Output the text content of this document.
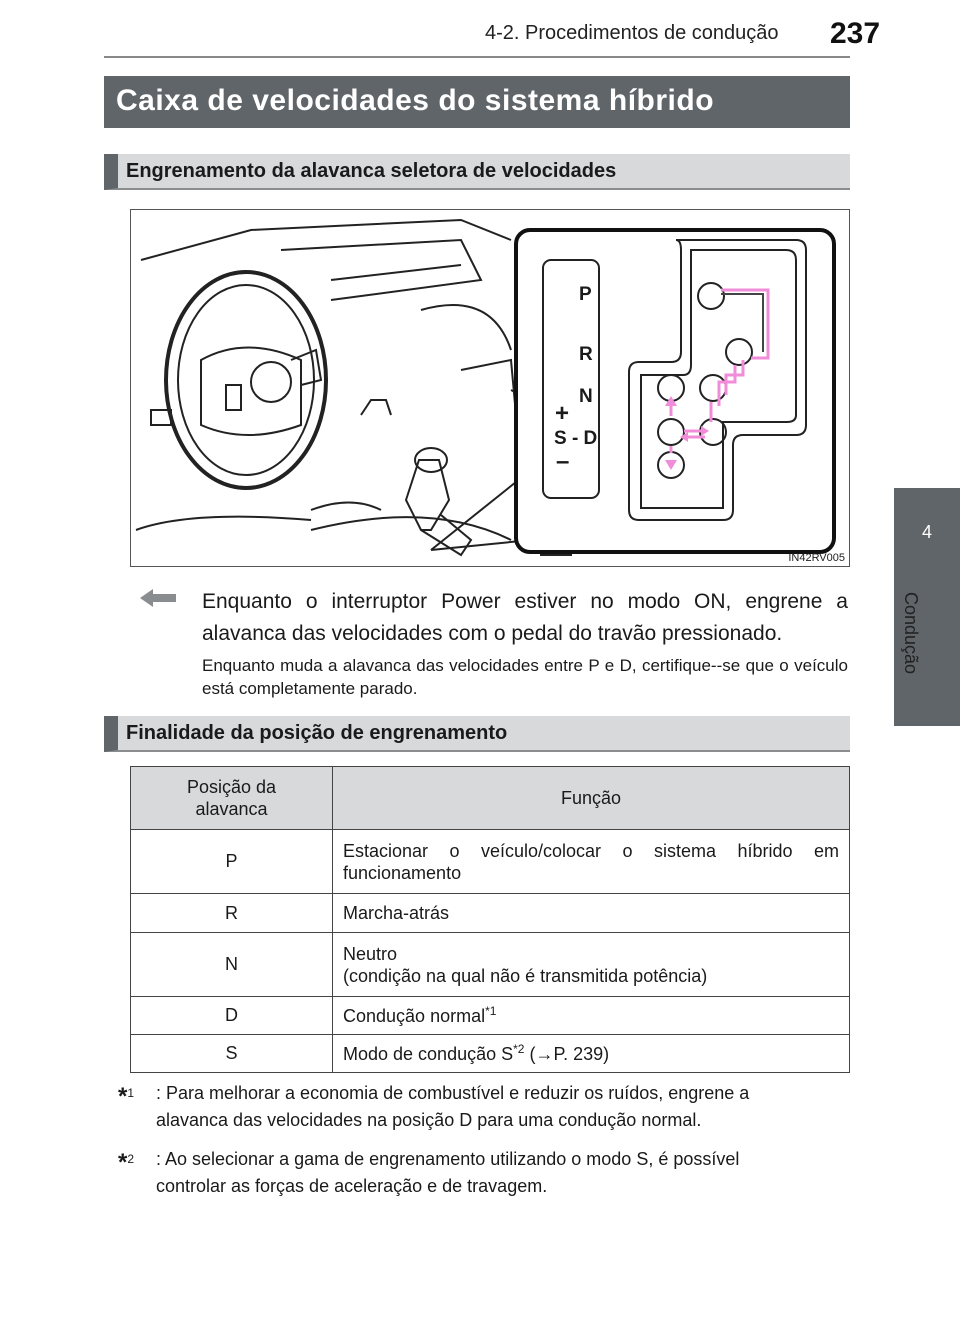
4-2. Procedimentos de condução 237
4
Condução
Caixa de velocidades do sistema híbrido
Engrenamento da alavanca seletora de velocidades
P
R
N
+
S - D
–
IN42RV005
Enquanto o interruptor Power estiver no modo ON, engrene a alavanca das velocidades com o pedal do travão pressionado.
Enquanto muda a alavanca das velocidades entre P e D, certifique--se que o veículo está completamente parado.
Finalidade da posição de engrenamento
Posição da alavanca	Função
P	Estacionar o veículo/colocar o sistema híbrido em funcionamento
R	Marcha-atrás
N	Neutro
(condição na qual não é transmitida potência)
D	Condução normal$^{*1}$
S	Modo de condução $S^{*2}$ (→P. 239)
*$^1$	: Para melhorar a economia de combustível e reduzir os ruídos, engrene a
alavanca das velocidades na posição D para uma condução normal.
*$^2$	: Ao selecionar a gama de engrenamento utilizando o modo S, é possível
controlar as forças de aceleração e de travagem.
